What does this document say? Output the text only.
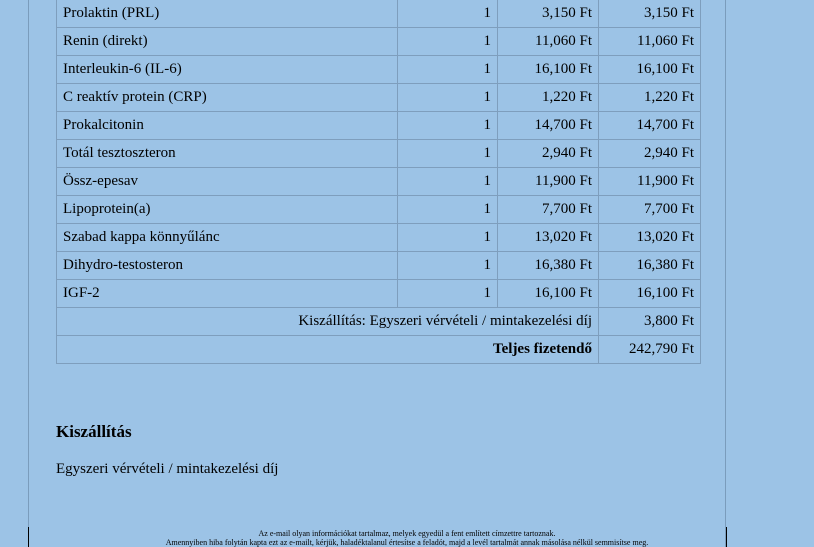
Prolaktin (PRL)	1	3,150 Ft	3,150 Ft
Renin (direkt)	1	11,060 Ft	11,060 Ft
Interleukin-6 (IL-6)	1	16,100 Ft	16,100 Ft
C reaktív protein (CRP)	1	1,220 Ft	1,220 Ft
Prokalcitonin	1	14,700 Ft	14,700 Ft
Totál tesztoszteron	1	2,940 Ft	2,940 Ft
Össz-epesav	1	11,900 Ft	11,900 Ft
Lipoprotein(a)	1	7,700 Ft	7,700 Ft
Szabad kappa könnyűlánc	1	13,020 Ft	13,020 Ft
Dihydro-testosteron	1	16,380 Ft	16,380 Ft
IGF-2	1	16,100 Ft	16,100 Ft
Kiszállítás: Egyszeri vérvételi / mintakezelési díj			3,800 Ft
Teljes fizetendő			242,790 Ft
Kiszállítás
Egyszeri vérvételi / mintakezelési díj
Az e-mail olyan információkat tartalmaz, melyek egyedül a fent említett címzettre tartoznak.
Amennyiben hiba folytán kapta ezt az e-mailt, kérjük, haladéktalanul értesítse a feladót, majd a levél tartalmát annak másolása nélkül semmisítse meg.
